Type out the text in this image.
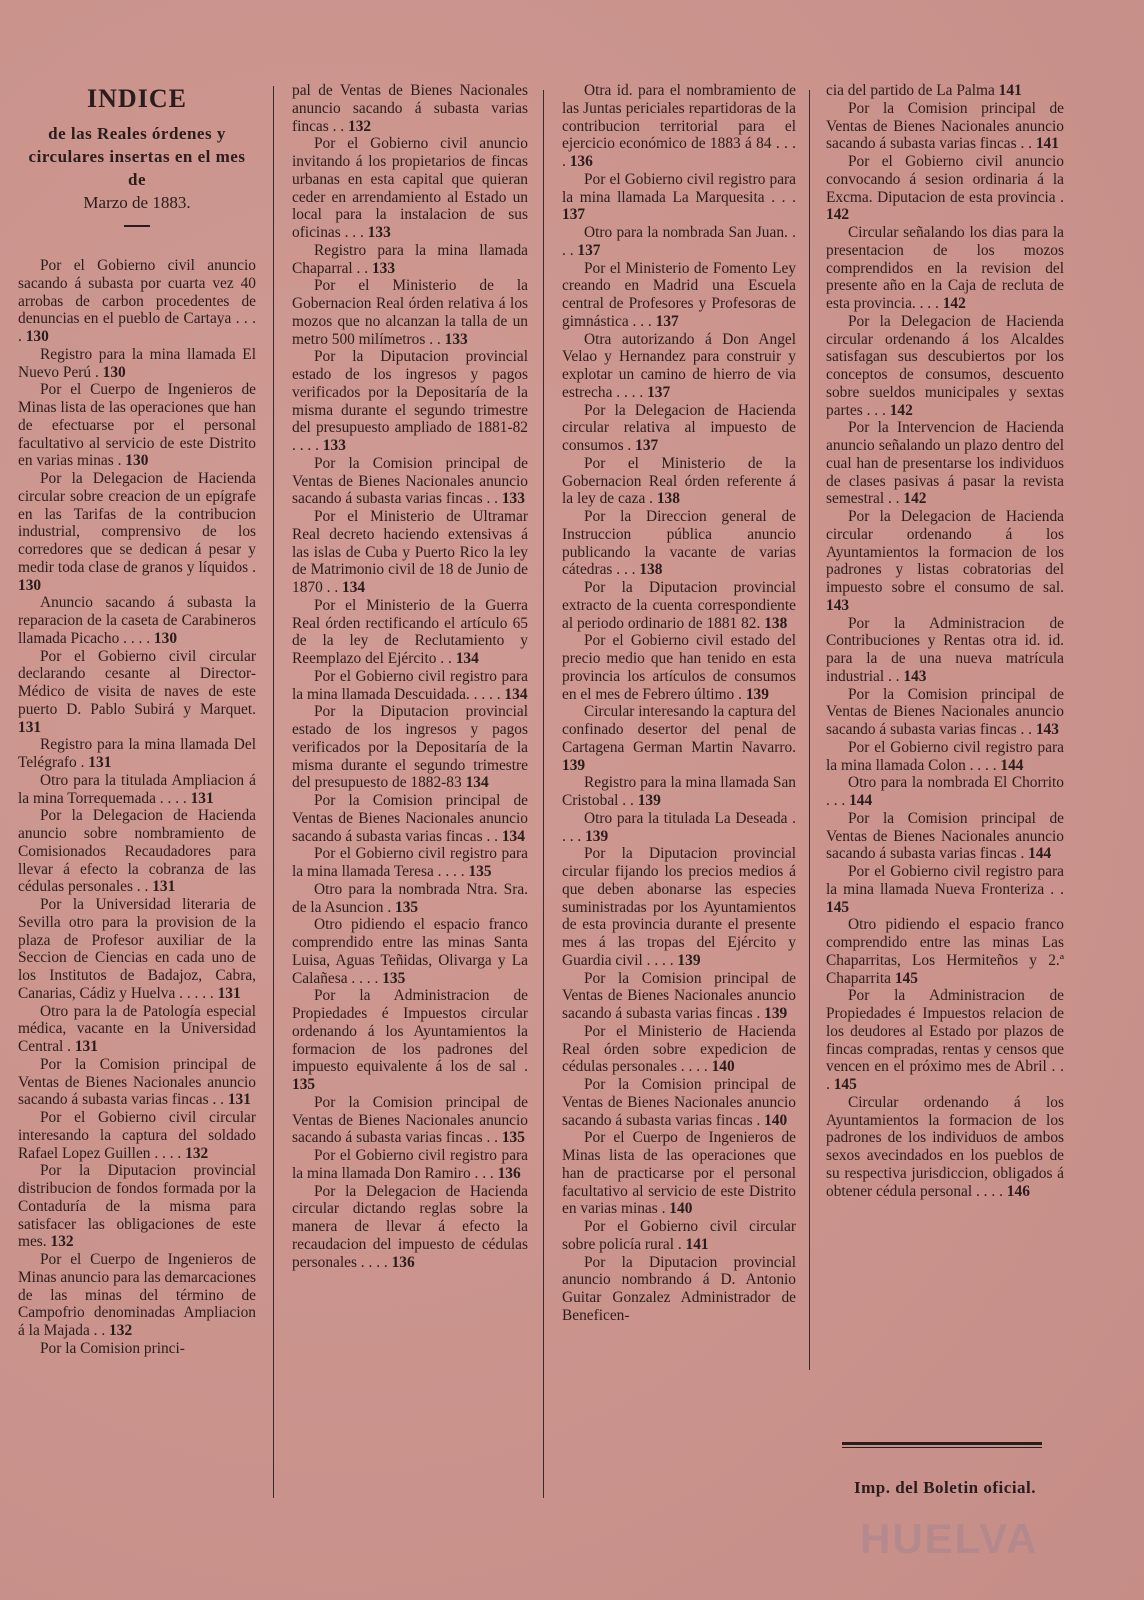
INDICE
de las Reales órdenes y circulares insertas en el mes de
Marzo de 1883.

Por el Gobierno civil anuncio sacando á subasta por cuarta vez 40 arrobas de carbon procedentes de denuncias en el pueblo de Cartaya . . . . 130

Registro para la mina llamada El Nuevo Perú . 130

Por el Cuerpo de Ingenieros de Minas lista de las operaciones que han de efectuarse por el personal facultativo al servicio de este Distrito en varias minas . 130

Por la Delegacion de Hacienda circular sobre creacion de un epígrafe en las Tarifas de la contribucion industrial, comprensivo de los corredores que se dedican á pesar y medir toda clase de granos y líquidos . 130

Anuncio sacando á subasta la reparacion de la caseta de Carabineros llamada Picacho . . . . 130

Por el Gobierno civil circular declarando cesante al Director-Médico de visita de naves de este puerto D. Pablo Subirá y Marquet. 131

Registro para la mina llamada Del Telégrafo . 131

Otro para la titulada Ampliacion á la mina Torrequemada . . . . 131

Por la Delegacion de Hacienda anuncio sobre nombramiento de Comisionados Recaudadores para llevar á efecto la cobranza de las cédulas personales . . 131

Por la Universidad literaria de Sevilla otro para la provision de la plaza de Profesor auxiliar de la Seccion de Ciencias en cada uno de los Institutos de Badajoz, Cabra, Canarias, Cádiz y Huelva . . . . . 131

Otro para la de Patología especial médica, vacante en la Universidad Central . 131

Por la Comision principal de Ventas de Bienes Nacionales anuncio sacando á subasta varias fincas . . 131

Por el Gobierno civil circular interesando la captura del soldado Rafael Lopez Guillen . . . . 132

Por la Diputacion provincial distribucion de fondos formada por la Contaduría de la misma para satisfacer las obligaciones de este mes. 132

Por el Cuerpo de Ingenieros de Minas anuncio para las demarcaciones de las minas del término de Campofrio denominadas Ampliacion á la Majada . . 132

Por la Comision princi-

pal de Ventas de Bienes Nacionales anuncio sacando á subasta varias fincas . . 132

Por el Gobierno civil anuncio invitando á los propietarios de fincas urbanas en esta capital que quieran ceder en arrendamiento al Estado un local para la instalacion de sus oficinas . . . 133

Registro para la mina llamada Chaparral . . 133

Por el Ministerio de la Gobernacion Real órden relativa á los mozos que no alcanzan la talla de un metro 500 milímetros . . 133

Por la Diputacion provincial estado de los ingresos y pagos verificados por la Depositaría de la misma durante el segundo trimestre del presupuesto ampliado de 1881-82 . . . . 133

Por la Comision principal de Ventas de Bienes Nacionales anuncio sacando á subasta varias fincas . . 133

Por el Ministerio de Ultramar Real decreto haciendo extensivas á las islas de Cuba y Puerto Rico la ley de Matrimonio civil de 18 de Junio de 1870 . . 134

Por el Ministerio de la Guerra Real órden rectificando el artículo 65 de la ley de Reclutamiento y Reemplazo del Ejército . . 134

Por el Gobierno civil registro para la mina llamada Descuidada. . . . . 134

Por la Diputacion provincial estado de los ingresos y pagos verificados por la Depositaría de la misma durante el segundo trimestre del presupuesto de 1882-83 134

Por la Comision principal de Ventas de Bienes Nacionales anuncio sacando á subasta varias fincas . . 134

Por el Gobierno civil registro para la mina llamada Teresa . . . . 135

Otro para la nombrada Ntra. Sra. de la Asuncion . 135

Otro pidiendo el espacio franco comprendido entre las minas Santa Luisa, Aguas Teñidas, Olivarga y La Calañesa . . . . 135

Por la Administracion de Propiedades é Impuestos circular ordenando á los Ayuntamientos la formacion de los padrones del impuesto equivalente á los de sal . 135

Por la Comision principal de Ventas de Bienes Nacionales anuncio sacando á subasta varias fincas . . 135

Por el Gobierno civil registro para la mina llamada Don Ramiro . . . 136

Por la Delegacion de Hacienda circular dictando reglas sobre la manera de llevar á efecto la recaudacion del impuesto de cédulas personales . . . . 136

Otra id. para el nombramiento de las Juntas periciales repartidoras de la contribucion territorial para el ejercicio económico de 1883 á 84 . . . . 136

Por el Gobierno civil registro para la mina llamada La Marquesita . . . 137

Otro para la nombrada San Juan. . . . 137

Por el Ministerio de Fomento Ley creando en Madrid una Escuela central de Profesores y Profesoras de gimnástica . . . 137

Otra autorizando á Don Angel Velao y Hernandez para construir y explotar un camino de hierro de via estrecha . . . . 137

Por la Delegacion de Hacienda circular relativa al impuesto de consumos . 137

Por el Ministerio de la Gobernacion Real órden referente á la ley de caza . 138

Por la Direccion general de Instruccion pública anuncio publicando la vacante de varias cátedras . . . 138

Por la Diputacion provincial extracto de la cuenta correspondiente al periodo ordinario de 1881 82. 138

Por el Gobierno civil estado del precio medio que han tenido en esta provincia los artículos de consumos en el mes de Febrero último . 139

Circular interesando la captura del confinado desertor del penal de Cartagena German Martin Navarro. 139

Registro para la mina llamada San Cristobal . . 139

Otro para la titulada La Deseada . . . . 139

Por la Diputacion provincial circular fijando los precios medios á que deben abonarse las especies suministradas por los Ayuntamientos de esta provincia durante el presente mes á las tropas del Ejército y Guardia civil . . . . 139

Por la Comision principal de Ventas de Bienes Nacionales anuncio sacando á subasta varias fincas . 139

Por el Ministerio de Hacienda Real órden sobre expedicion de cédulas personales . . . . 140

Por la Comision principal de Ventas de Bienes Nacionales anuncio sacando á subasta varias fincas . 140

Por el Cuerpo de Ingenieros de Minas lista de las operaciones que han de practicarse por el personal facultativo al servicio de este Distrito en varias minas . 140

Por el Gobierno civil circular sobre policía rural . 141

Por la Diputacion provincial anuncio nombrando á D. Antonio Guitar Gonzalez Administrador de Beneficen-

cia del partido de La Palma 141

Por la Comision principal de Ventas de Bienes Nacionales anuncio sacando á subasta varias fincas . . 141

Por el Gobierno civil anuncio convocando á sesion ordinaria á la Excma. Diputacion de esta provincia . 142

Circular señalando los dias para la presentacion de los mozos comprendidos en la revision del presente año en la Caja de recluta de esta provincia. . . . 142

Por la Delegacion de Hacienda circular ordenando á los Alcaldes satisfagan sus descubiertos por los conceptos de consumos, descuento sobre sueldos municipales y sextas partes . . . 142

Por la Intervencion de Hacienda anuncio señalando un plazo dentro del cual han de presentarse los individuos de clases pasivas á pasar la revista semestral . . 142

Por la Delegacion de Hacienda circular ordenando á los Ayuntamientos la formacion de los padrones y listas cobratorias del impuesto sobre el consumo de sal. 143

Por la Administracion de Contribuciones y Rentas otra id. id. para la de una nueva matrícula industrial . . 143

Por la Comision principal de Ventas de Bienes Nacionales anuncio sacando á subasta varias fincas . . 143

Por el Gobierno civil registro para la mina llamada Colon . . . . 144

Otro para la nombrada El Chorrito . . . 144

Por la Comision principal de Ventas de Bienes Nacionales anuncio sacando á subasta varias fincas . 144

Por el Gobierno civil registro para la mina llamada Nueva Fronteriza . . 145

Otro pidiendo el espacio franco comprendido entre las minas Las Chaparritas, Los Hermiteños y 2.ª Chaparrita 145

Por la Administracion de Propiedades é Impuestos relacion de los deudores al Estado por plazos de fincas compradas, rentas y censos que vencen en el próximo mes de Abril . . . 145

Circular ordenando á los Ayuntamientos la formacion de los padrones de los individuos de ambos sexos avecindados en los pueblos de su respectiva jurisdiccion, obligados á obtener cédula personal . . . . 146

Imp. del Boletin oficial.
HUELVA
